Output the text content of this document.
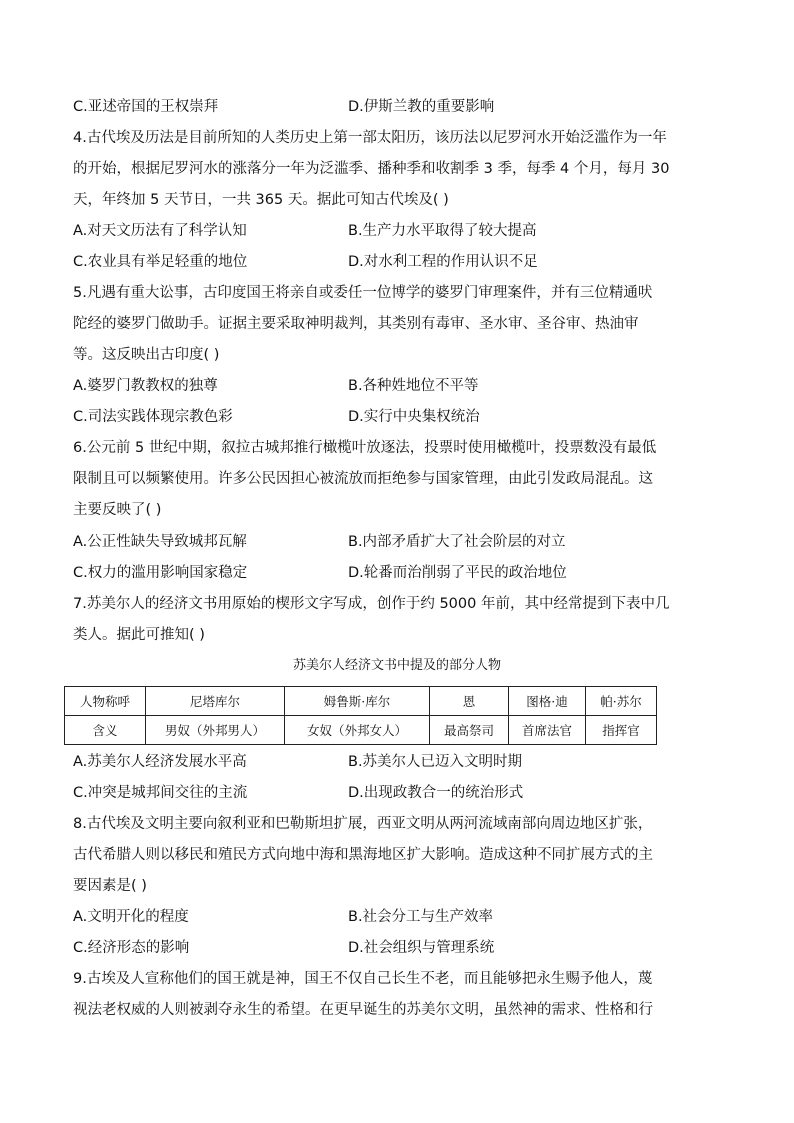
C.亚述帝国的王权崇拜	D.伊斯兰教的重要影响
4.古代埃及历法是目前所知的人类历史上第一部太阳历，该历法以尼罗河水开始泛滥作为一年
的开始，根据尼罗河水的涨落分一年为泛滥季、播种季和收割季 3 季，每季 4 个月，每月 30
天，年终加 5 天节日，一共 365 天。据此可知古代埃及( )
A.对天文历法有了科学认知	B.生产力水平取得了较大提高
C.农业具有举足轻重的地位	D.对水利工程的作用认识不足
5.凡遇有重大讼事，古印度国王将亲自或委任一位博学的婆罗门审理案件，并有三位精通吠
陀经的婆罗门做助手。证据主要采取神明裁判，其类别有毒审、圣水审、圣谷审、热油审
等。这反映出古印度( )
A.婆罗门教教权的独尊	B.各种姓地位不平等
C.司法实践体现宗教色彩	D.实行中央集权统治
6.公元前 5 世纪中期，叙拉古城邦推行橄榄叶放逐法，投票时使用橄榄叶，投票数没有最低
限制且可以频繁使用。许多公民因担心被流放而拒绝参与国家管理，由此引发政局混乱。这
主要反映了( )
A.公正性缺失导致城邦瓦解	B.内部矛盾扩大了社会阶层的对立
C.权力的滥用影响国家稳定	D.轮番而治削弱了平民的政治地位
7.苏美尔人的经济文书用原始的楔形文字写成，创作于约 5000 年前，其中经常提到下表中几
类人。据此可推知( )
苏美尔人经济文书中提及的部分人物
人物称呼	尼塔库尔	姆鲁斯·库尔	恩	图格·迪	帕·苏尔
含义	男奴（外邦男人）	女奴（外邦女人）	最高祭司	首席法官	指挥官
A.苏美尔人经济发展水平高	B.苏美尔人已迈入文明时期
C.冲突是城邦间交往的主流	D.出现政教合一的统治形式
8.古代埃及文明主要向叙利亚和巴勒斯坦扩展，西亚文明从两河流域南部向周边地区扩张，
古代希腊人则以移民和殖民方式向地中海和黑海地区扩大影响。造成这种不同扩展方式的主
要因素是( )
A.文明开化的程度	B.社会分工与生产效率
C.经济形态的影响	D.社会组织与管理系统
9.古埃及人宣称他们的国王就是神，国王不仅自己长生不老，而且能够把永生赐予他人，蔑
视法老权威的人则被剥夺永生的希望。在更早诞生的苏美尔文明，虽然神的需求、性格和行
